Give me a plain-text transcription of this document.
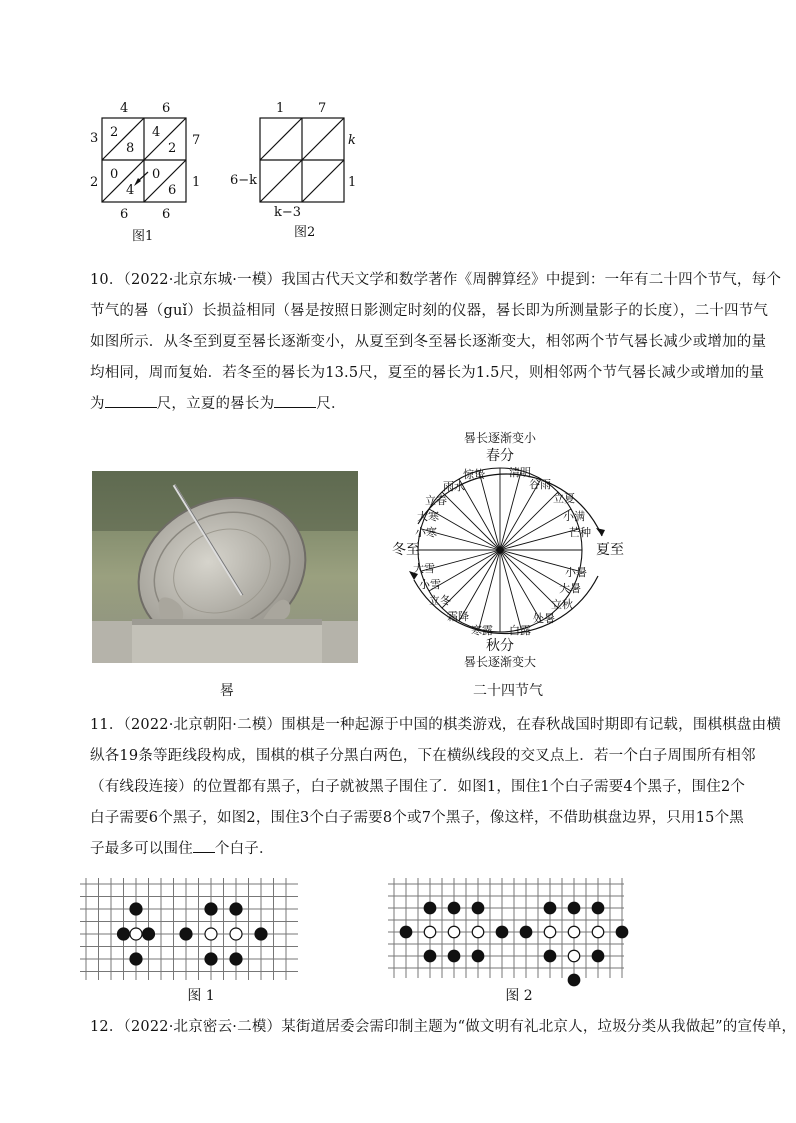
4	6
3
2
7
1
6	6
2
8
4
2
0
4
0
6
图1
1	7
k
1
6−k
k−3
图2
10．（2022·北京东城·一模）我国古代天文学和数学著作《周髀算经》中提到：一年有二十四个节气，每个
节气的晷（guǐ）长损益相同（晷是按照日影测定时刻的仪器，晷长即为所测量影子的长度），二十四节气
如图所示．从冬至到夏至晷长逐渐变小，从夏至到冬至晷长逐渐变大，相邻两个节气晷长减少或增加的量
均相同，周而复始．若冬至的晷长为13.5尺，夏至的晷长为1.5尺，则相邻两个节气晷长减少或增加的量
为	尺，立夏的晷长为	尺．
晷
晷长逐渐变小
春分
秋分
晷长逐渐变大
冬至	夏至
惊蛰
雨水
立春
大寒
小寒
清明
谷雨
立夏
小满
芒种
小暑
大暑
立秋
处暑
白露
大雪
小雪
立冬
霜降
寒露
二十四节气
11．（2022·北京朝阳·二模）围棋是一种起源于中国的棋类游戏，在春秋战国时期即有记载，围棋棋盘由横
纵各19条等距线段构成，围棋的棋子分黑白两色，下在横纵线段的交叉点上．若一个白子周围所有相邻
（有线段连接）的位置都有黑子，白子就被黑子围住了．如图1，围住1个白子需要4个黑子，围住2个
白子需要6个黑子，如图2，围住3个白子需要8个或7个黑子，像这样，不借助棋盘边界，只用15个黑
子最多可以围住 个白子．
图 1	图 2
12．（2022·北京密云·二模）某街道居委会需印制主题为“做文明有礼北京人，垃圾分类从我做起”的宣传单，
